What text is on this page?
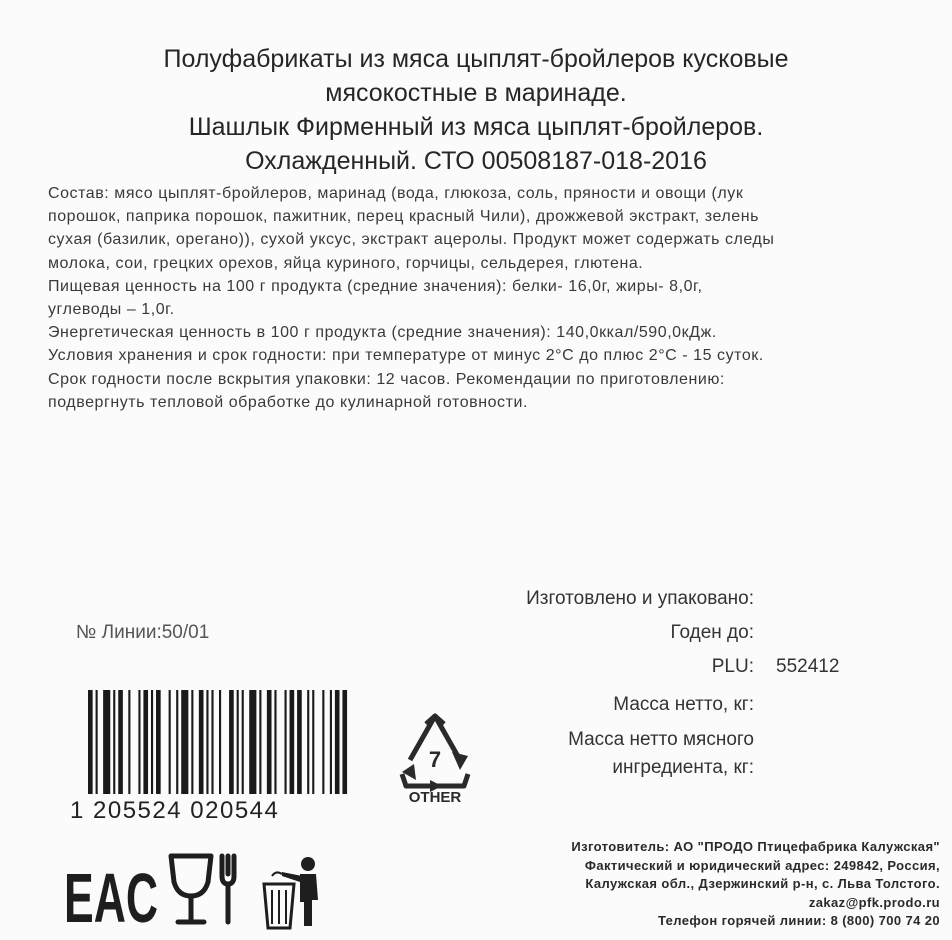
Полуфабрикаты из мяса цыплят-бройлеров кусковые
мясокостные в маринаде.
Шашлык Фирменный из мяса цыплят-бройлеров.
Охлажденный. СТО 00508187-018-2016
Состав: мясо цыплят-бройлеров, маринад (вода, глюкоза, соль, пряности и овощи (лук
порошок, паприка порошок, пажитник, перец красный Чили), дрожжевой экстракт, зелень
сухая (базилик, орегано)), сухой уксус, экстракт ацеролы. Продукт может содержать следы
молока, сои, грецких орехов, яйца куриного, горчицы, сельдерея, глютена.
Пищевая ценность на 100 г продукта (средние значения): белки- 16,0г, жиры- 8,0г,
углеводы – 1,0г.
Энергетическая ценность в 100 г продукта (средние значения): 140,0ккал/590,0кДж.
Условия хранения и срок годности: при температуре от минус 2°C до плюс 2°C - 15 суток.
Срок годности после вскрытия упаковки: 12 часов. Рекомендации по приготовлению:
подвергнуть тепловой обработке до кулинарной готовности.
Изготовлено и упаковано:
Годен до:
PLU: 552412
Масса нетто, кг:
Масса нетто мясного
ингредиента, кг:
№ Линии:50/01
1 205524 020544
7
OTHER
EAC
Изготовитель: АО "ПРОДО Птицефабрика Калужская"
Фактический и юридический адрес: 249842, Россия,
Калужская обл., Дзержинский р-н, с. Льва Толстого.
zakaz@pfk.prodo.ru
Телефон горячей линии: 8 (800) 700 74 20
